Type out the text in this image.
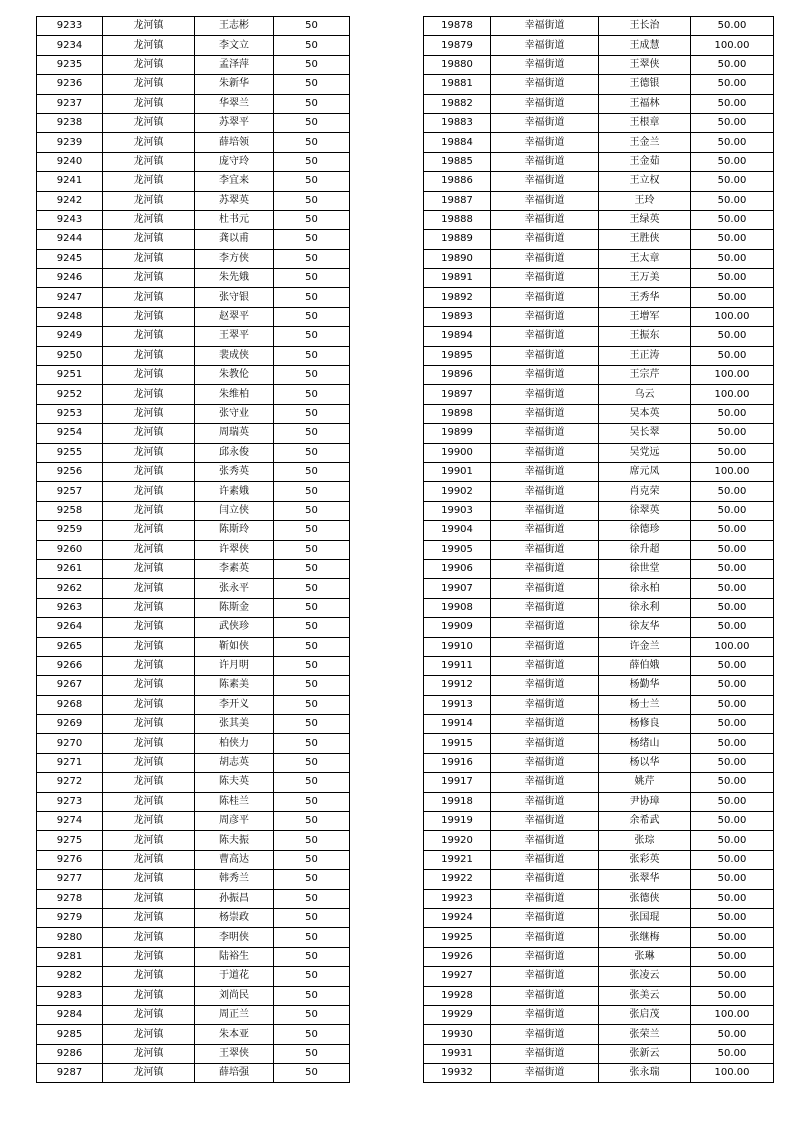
9233	龙河镇	王志彬	50
9234	龙河镇	李文立	50
9235	龙河镇	孟泽萍	50
9236	龙河镇	朱新华	50
9237	龙河镇	华翠兰	50
9238	龙河镇	苏翠平	50
9239	龙河镇	薛培领	50
9240	龙河镇	庞守玲	50
9241	龙河镇	李宜来	50
9242	龙河镇	苏翠英	50
9243	龙河镇	杜书元	50
9244	龙河镇	龚以甫	50
9245	龙河镇	李方侠	50
9246	龙河镇	朱先娥	50
9247	龙河镇	张守银	50
9248	龙河镇	赵翠平	50
9249	龙河镇	王翠平	50
9250	龙河镇	裴成侠	50
9251	龙河镇	朱教伦	50
9252	龙河镇	朱维柏	50
9253	龙河镇	张守业	50
9254	龙河镇	周瑞英	50
9255	龙河镇	邱永俊	50
9256	龙河镇	张秀英	50
9257	龙河镇	许素娥	50
9258	龙河镇	闫立侠	50
9259	龙河镇	陈斯玲	50
9260	龙河镇	许翠侠	50
9261	龙河镇	李素英	50
9262	龙河镇	张永平	50
9263	龙河镇	陈斯金	50
9264	龙河镇	武侠珍	50
9265	龙河镇	靳如侠	50
9266	龙河镇	许月明	50
9267	龙河镇	陈素美	50
9268	龙河镇	李开义	50
9269	龙河镇	张其美	50
9270	龙河镇	柏侠力	50
9271	龙河镇	胡志英	50
9272	龙河镇	陈夫英	50
9273	龙河镇	陈桂兰	50
9274	龙河镇	周彦平	50
9275	龙河镇	陈夫振	50
9276	龙河镇	曹高达	50
9277	龙河镇	韩秀兰	50
9278	龙河镇	孙振昌	50
9279	龙河镇	杨崇政	50
9280	龙河镇	李明侠	50
9281	龙河镇	陆裕生	50
9282	龙河镇	于道花	50
9283	龙河镇	刘尚民	50
9284	龙河镇	周正兰	50
9285	龙河镇	朱本亚	50
9286	龙河镇	王翠侠	50
9287	龙河镇	薛培强	50
19878	幸福街道	王长治	50.00
19879	幸福街道	王成慧	100.00
19880	幸福街道	王翠侠	50.00
19881	幸福街道	王德银	50.00
19882	幸福街道	王福林	50.00
19883	幸福街道	王根章	50.00
19884	幸福街道	王金兰	50.00
19885	幸福街道	王金茹	50.00
19886	幸福街道	王立权	50.00
19887	幸福街道	王玲	50.00
19888	幸福街道	王绿英	50.00
19889	幸福街道	王胜侠	50.00
19890	幸福街道	王太章	50.00
19891	幸福街道	王万美	50.00
19892	幸福街道	王秀华	50.00
19893	幸福街道	王增军	100.00
19894	幸福街道	王振东	50.00
19895	幸福街道	王正涛	50.00
19896	幸福街道	王宗芹	100.00
19897	幸福街道	乌云	100.00
19898	幸福街道	吴本英	50.00
19899	幸福街道	吴长翠	50.00
19900	幸福街道	吴党远	50.00
19901	幸福街道	席元凤	100.00
19902	幸福街道	肖克荣	50.00
19903	幸福街道	徐翠英	50.00
19904	幸福街道	徐德珍	50.00
19905	幸福街道	徐升超	50.00
19906	幸福街道	徐世堂	50.00
19907	幸福街道	徐永柏	50.00
19908	幸福街道	徐永利	50.00
19909	幸福街道	徐友华	50.00
19910	幸福街道	许金兰	100.00
19911	幸福街道	薛伯娥	50.00
19912	幸福街道	杨勤华	50.00
19913	幸福街道	杨士兰	50.00
19914	幸福街道	杨修良	50.00
19915	幸福街道	杨绪山	50.00
19916	幸福街道	杨以华	50.00
19917	幸福街道	姚芹	50.00
19918	幸福街道	尹协璋	50.00
19919	幸福街道	余希武	50.00
19920	幸福街道	张琮	50.00
19921	幸福街道	张彩英	50.00
19922	幸福街道	张翠华	50.00
19923	幸福街道	张德侠	50.00
19924	幸福街道	张国琨	50.00
19925	幸福街道	张继梅	50.00
19926	幸福街道	张琳	50.00
19927	幸福街道	张凌云	50.00
19928	幸福街道	张美云	50.00
19929	幸福街道	张启茂	100.00
19930	幸福街道	张荣兰	50.00
19931	幸福街道	张新云	50.00
19932	幸福街道	张永瑞	100.00
